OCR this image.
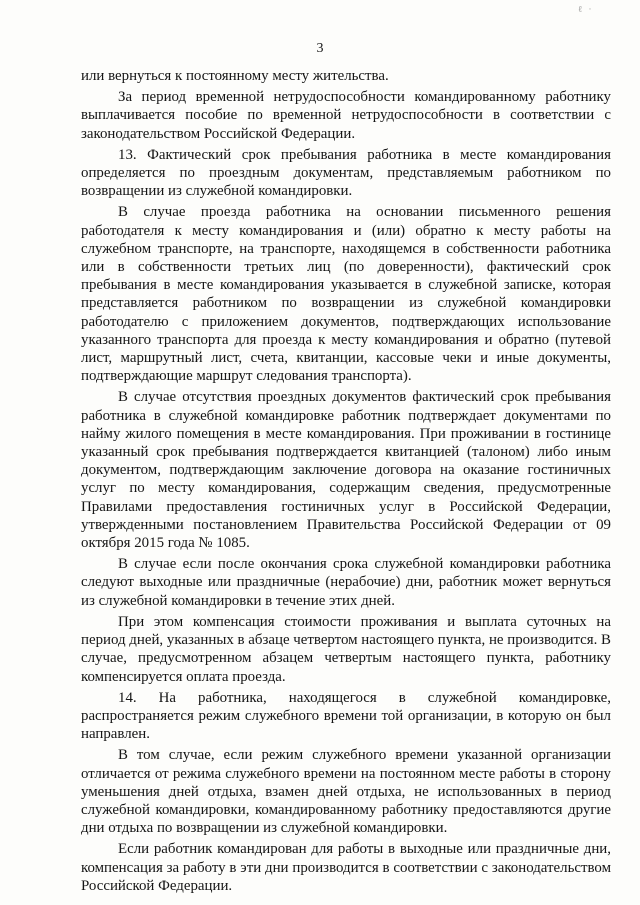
ℓ ·
3

или вернуться к постоянному месту жительства.

За период временной нетрудоспособности командированному работнику выплачивается пособие по временной нетрудоспособности в соответствии с законодательством Российской Федерации.

13. Фактический срок пребывания работника в месте командирования определяется по проездным документам, представляемым работником по возвращении из служебной командировки.

В случае проезда работника на основании письменного решения работодателя к месту командирования и (или) обратно к месту работы на служебном транспорте, на транспорте, находящемся в собственности работника или в собственности третьих лиц (по доверенности), фактический срок пребывания в месте командирования указывается в служебной записке, которая представляется работником по возвращении из служебной командировки работодателю с приложением документов, подтверждающих использование указанного транспорта для проезда к месту командирования и обратно (путевой лист, маршрутный лист, счета, квитанции, кассовые чеки и иные документы, подтверждающие маршрут следования транспорта).

В случае отсутствия проездных документов фактический срок пребывания работника в служебной командировке работник подтверждает документами по найму жилого помещения в месте командирования. При проживании в гостинице указанный срок пребывания подтверждается квитанцией (талоном) либо иным документом, подтверждающим заключение договора на оказание гостиничных услуг по месту командирования, содержащим сведения, предусмотренные Правилами предоставления гостиничных услуг в Российской Федерации, утвержденными постановлением Правительства Российской Федерации от 09 октября 2015 года № 1085.

В случае если после окончания срока служебной командировки работника следуют выходные или праздничные (нерабочие) дни, работник может вернуться из служебной командировки в течение этих дней.

При этом компенсация стоимости проживания и выплата суточных на период дней, указанных в абзаце четвертом настоящего пункта, не производится. В случае, предусмотренном абзацем четвертым настоящего пункта, работнику компенсируется оплата проезда.

14. На работника, находящегося в служебной командировке, распространяется режим служебного времени той организации, в которую он был направлен.

В том случае, если режим служебного времени указанной организации отличается от режима служебного времени на постоянном месте работы в сторону уменьшения дней отдыха, взамен дней отдыха, не использованных в период служебной командировки, командированному работнику предоставляются другие дни отдыха по возвращении из служебной командировки.

Если работник командирован для работы в выходные или праздничные дни, компенсация за работу в эти дни производится в соответствии с законодательством Российской Федерации.
